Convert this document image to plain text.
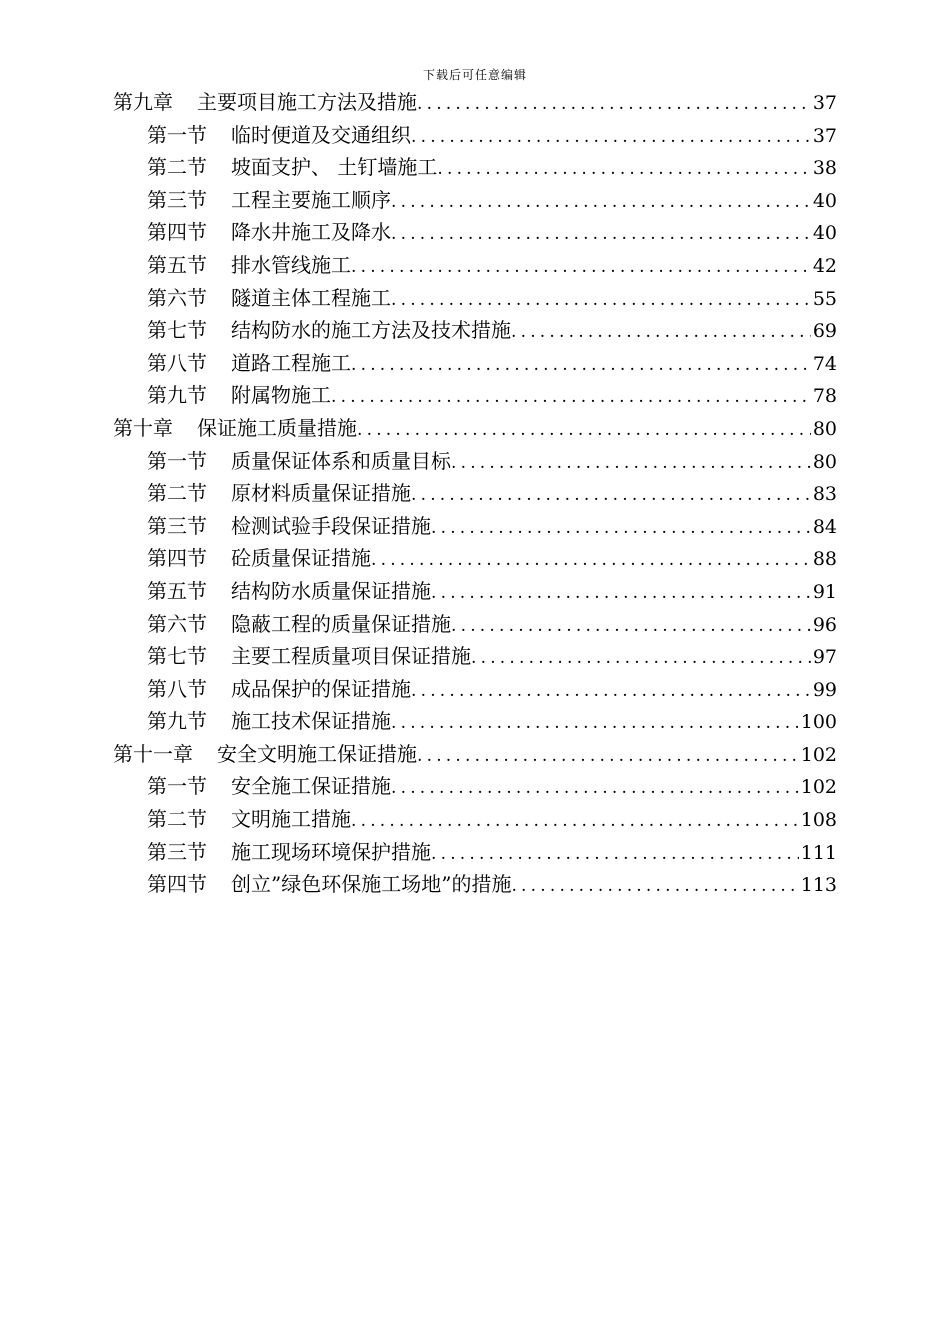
下载后可任意编辑
第九章 主要项目施工方法及措施 .....	37
第一节 临时便道及交通组织 .....	37
第二节 坡面支护、 土钉墙施工 .....	38
第三节 工程主要施工顺序 .....	40
第四节 降水井施工及降水 .....	40
第五节 排水管线施工 .....	42
第六节 隧道主体工程施工 .....	55
第七节 结构防水的施工方法及技术措施 .....	69
第八节 道路工程施工 .....	74
第九节 附属物施工 .....	78
第十章 保证施工质量措施 .....	80
第一节 质量保证体系和质量目标 .....	80
第二节 原材料质量保证措施 .....	83
第三节 检测试验手段保证措施 .....	84
第四节 砼质量保证措施 .....	88
第五节 结构防水质量保证措施 .....	91
第六节 隐蔽工程的质量保证措施 .....	96
第七节 主要工程质量项目保证措施 .....	97
第八节 成品保护的保证措施 .....	99
第九节 施工技术保证措施 .....	100
第十一章 安全文明施工保证措施 .....	102
第一节 安全施工保证措施 .....	102
第二节 文明施工措施 .....	108
第三节 施工现场环境保护措施 .....	111
第四节 创立”绿色环保施工场地”的措施 .....	113
